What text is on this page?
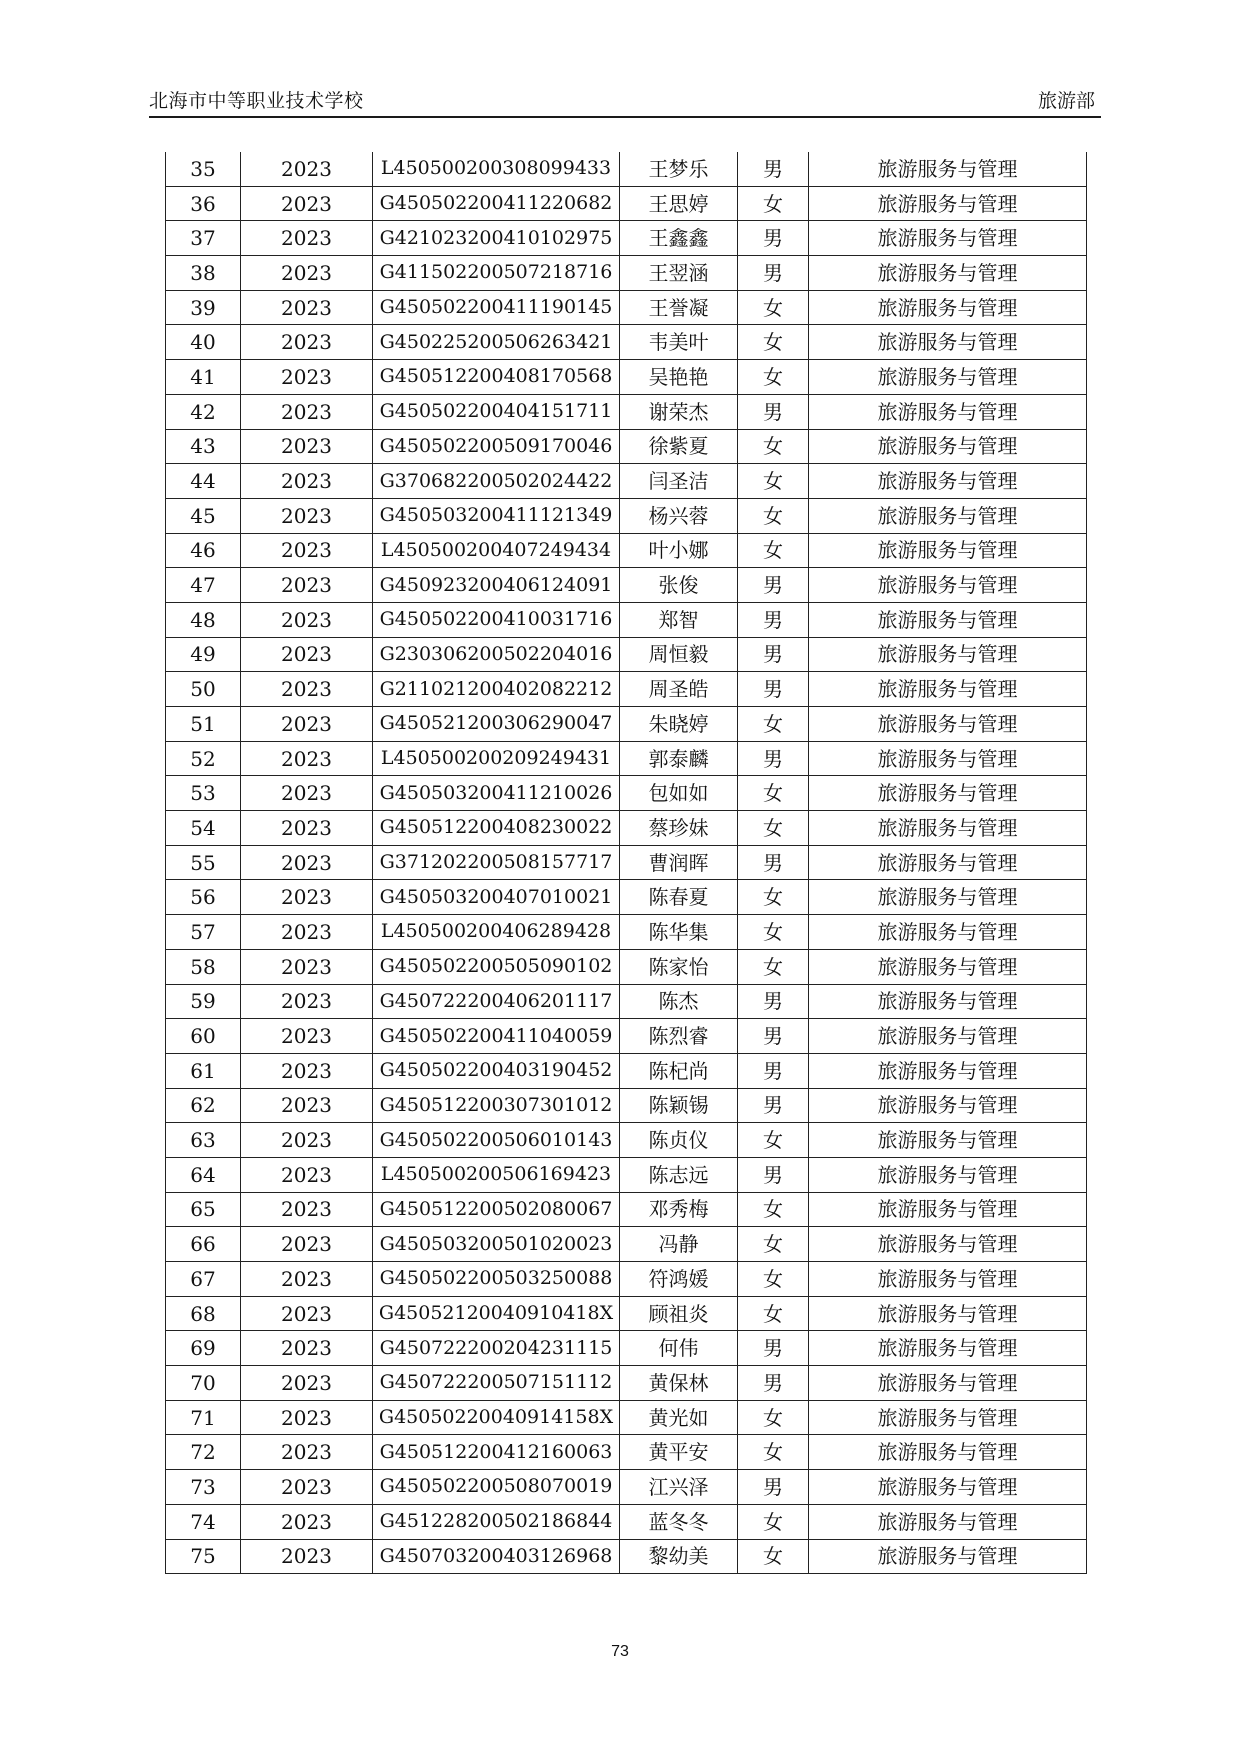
北海市中等职业技术学校	旅游部
35	2023	L450500200308099433	王梦乐	男	旅游服务与管理
36	2023	G450502200411220682	王思婷	女	旅游服务与管理
37	2023	G421023200410102975	王鑫鑫	男	旅游服务与管理
38	2023	G411502200507218716	王翌涵	男	旅游服务与管理
39	2023	G450502200411190145	王誉凝	女	旅游服务与管理
40	2023	G450225200506263421	韦美叶	女	旅游服务与管理
41	2023	G450512200408170568	吴艳艳	女	旅游服务与管理
42	2023	G450502200404151711	谢荣杰	男	旅游服务与管理
43	2023	G450502200509170046	徐紫夏	女	旅游服务与管理
44	2023	G370682200502024422	闫圣洁	女	旅游服务与管理
45	2023	G450503200411121349	杨兴蓉	女	旅游服务与管理
46	2023	L450500200407249434	叶小娜	女	旅游服务与管理
47	2023	G450923200406124091	张俊	男	旅游服务与管理
48	2023	G450502200410031716	郑智	男	旅游服务与管理
49	2023	G230306200502204016	周恒毅	男	旅游服务与管理
50	2023	G211021200402082212	周圣皓	男	旅游服务与管理
51	2023	G450521200306290047	朱晓婷	女	旅游服务与管理
52	2023	L450500200209249431	郭泰麟	男	旅游服务与管理
53	2023	G450503200411210026	包如如	女	旅游服务与管理
54	2023	G450512200408230022	蔡珍妹	女	旅游服务与管理
55	2023	G371202200508157717	曹润晖	男	旅游服务与管理
56	2023	G450503200407010021	陈春夏	女	旅游服务与管理
57	2023	L450500200406289428	陈华集	女	旅游服务与管理
58	2023	G450502200505090102	陈家怡	女	旅游服务与管理
59	2023	G450722200406201117	陈杰	男	旅游服务与管理
60	2023	G450502200411040059	陈烈睿	男	旅游服务与管理
61	2023	G450502200403190452	陈杞尚	男	旅游服务与管理
62	2023	G450512200307301012	陈颖锡	男	旅游服务与管理
63	2023	G450502200506010143	陈贞仪	女	旅游服务与管理
64	2023	L450500200506169423	陈志远	男	旅游服务与管理
65	2023	G450512200502080067	邓秀梅	女	旅游服务与管理
66	2023	G450503200501020023	冯静	女	旅游服务与管理
67	2023	G450502200503250088	符鸿媛	女	旅游服务与管理
68	2023	G45052120040910418X	顾祖炎	女	旅游服务与管理
69	2023	G450722200204231115	何伟	男	旅游服务与管理
70	2023	G450722200507151112	黄保林	男	旅游服务与管理
71	2023	G45050220040914158X	黄光如	女	旅游服务与管理
72	2023	G450512200412160063	黄平安	女	旅游服务与管理
73	2023	G450502200508070019	江兴泽	男	旅游服务与管理
74	2023	G451228200502186844	蓝冬冬	女	旅游服务与管理
75	2023	G450703200403126968	黎幼美	女	旅游服务与管理
73
